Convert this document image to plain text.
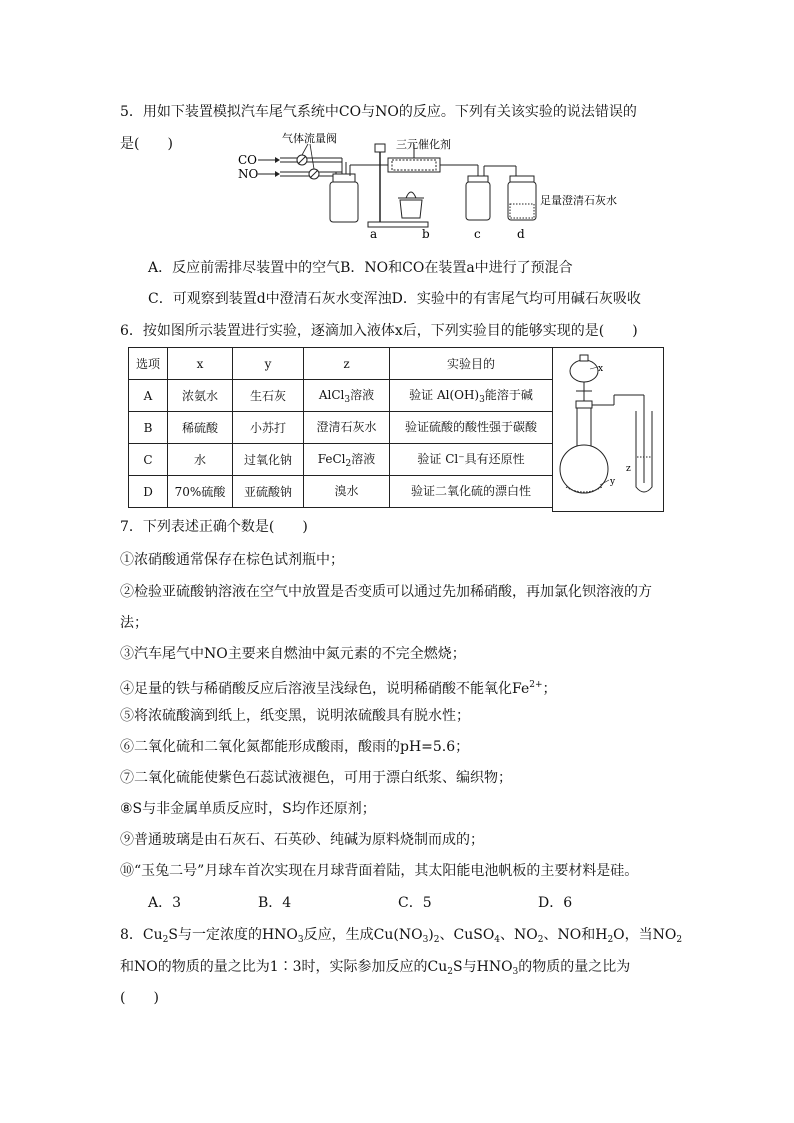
5．用如下装置模拟汽车尾气系统中CO与NO的反应。下列有关该实验的说法错误的
是(　　)	气体流量阀	三元催化剂
CO
NO
a	b	c	d
足量澄清石灰水
A．反应前需排尽装置中的空气B．NO和CO在装置a中进行了预混合
C．可观察到装置d中澄清石灰水变浑浊D．实验中的有害尾气均可用碱石灰吸收
6．按如图所示装置进行实验，逐滴加入液体x后，下列实验目的能够实现的是(　　)
选项	x	y	z	实验目的
A	浓氨水	生石灰	AlCl$_3$溶液	验证 $Al(OH)_3$能溶于碱
B	稀硫酸	小苏打	澄清石灰水	验证硫酸的酸性强于碳酸
C	水	过氧化钠	FeCl$_2$溶液	验证 Cl⁻具有还原性
D	70%硫酸	亚硫酸钠	溴水	验证二氧化硫的漂白性
x
y
z
7．下列表述正确个数是(　　)
①浓硝酸通常保存在棕色试剂瓶中；
②检验亚硫酸钠溶液在空气中放置是否变质可以通过先加稀硝酸，再加氯化钡溶液的方
法；
③汽车尾气中NO主要来自燃油中氮元素的不完全燃烧；
④足量的铁与稀硝酸反应后溶液呈浅绿色，说明稀硝酸不能氧化$Fe^{2+}$；
⑤将浓硫酸滴到纸上，纸变黑，说明浓硫酸具有脱水性；
⑥二氧化硫和二氧化氮都能形成酸雨，酸雨的pH=5.6；
⑦二氧化硫能使紫色石蕊试液褪色，可用于漂白纸浆、编织物；
⑧S与非金属单质反应时，S均作还原剂；
⑨普通玻璃是由石灰石、石英砂、纯碱为原料烧制而成的；
⑩“玉兔二号”月球车首次实现在月球背面着陆，其太阳能电池帆板的主要材料是硅。
A．3	B．4	C．5	D．6
8．$Cu_2S$与一定浓度的$HNO_3$反应，生成$Cu(NO_3)_2$、CuSO$_4$、$NO_2$、NO和$H_2O$，当$NO_2$
和NO的物质的量之比为1∶3时，实际参加反应的$Cu_2S$与$HNO_3$的物质的量之比为
(　　)
